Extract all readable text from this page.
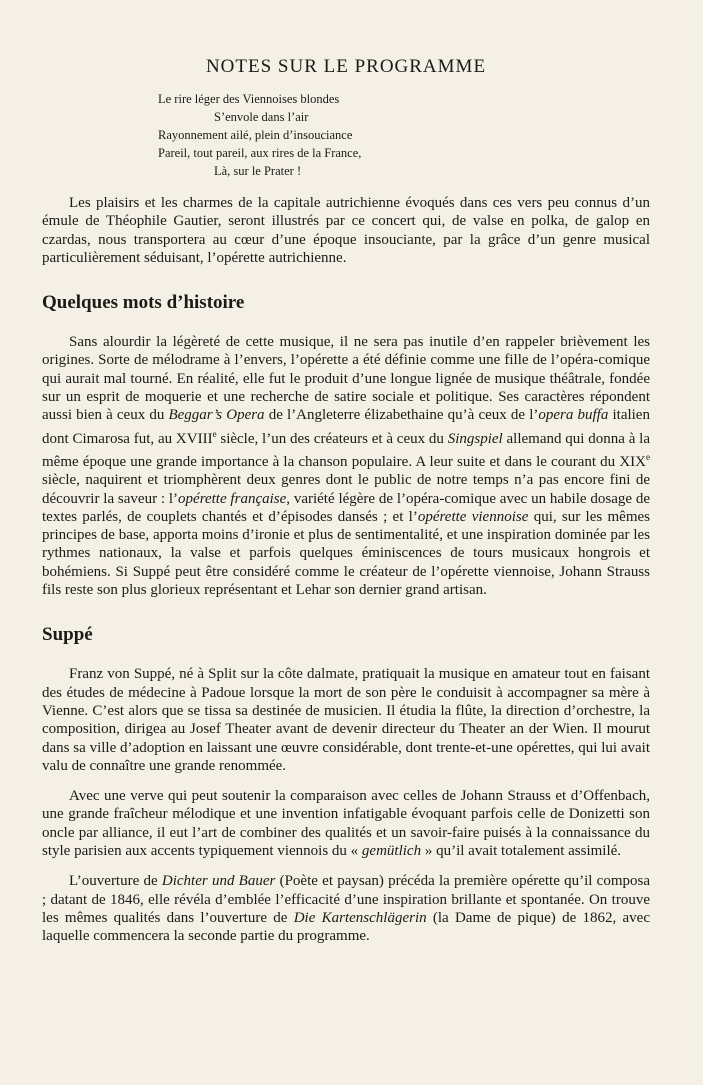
NOTES SUR LE PROGRAMME
Le rire léger des Viennoises blondes
S’envole dans l’air
Rayonnement ailé, plein d’insouciance
Pareil, tout pareil, aux rires de la France,
Là, sur le Prater !

Les plaisirs et les charmes de la capitale autrichienne évoqués dans ces vers peu connus d’un émule de Théophile Gautier, seront illustrés par ce concert qui, de valse en polka, de galop en czardas, nous transportera au cœur d’une époque insouciante, par la grâce d’un genre musical particulièrement séduisant, l’opérette autrichienne.

Quelques mots d’histoire

Sans alourdir la légèreté de cette musique, il ne sera pas inutile d’en rappeler brièvement les origines. Sorte de mélodrame à l’envers, l’opérette a été définie comme une fille de l’opéra-comique qui aurait mal tourné. En réalité, elle fut le produit d’une longue lignée de musique théâtrale, fondée sur un esprit de moquerie et une recherche de satire sociale et politique. Ses caractères répondent aussi bien à ceux du Beggar’s Opera de l’Angleterre élizabethaine qu’à ceux de l’opera buffa italien dont Cimarosa fut, au XVIIIe siècle, l’un des créateurs et à ceux du Singspiel allemand qui donna à la même époque une grande importance à la chanson populaire. A leur suite et dans le courant du XIXe siècle, naquirent et triomphèrent deux genres dont le public de notre temps n’a pas encore fini de découvrir la saveur : l’opérette française, variété légère de l’opéra-comique avec un habile dosage de textes parlés, de couplets chantés et d’épisodes dansés ; et l’opérette viennoise qui, sur les mêmes principes de base, apporta moins d’ironie et plus de sentimentalité, et une inspiration dominée par les rythmes nationaux, la valse et parfois quelques éminiscences de tours musicaux hongrois et bohémiens. Si Suppé peut être considéré comme le créateur de l’opérette viennoise, Johann Strauss fils reste son plus glorieux représentant et Lehar son dernier grand artisan.

Suppé

Franz von Suppé, né à Split sur la côte dalmate, pratiquait la musique en amateur tout en faisant des études de médecine à Padoue lorsque la mort de son père le conduisit à accompagner sa mère à Vienne. C’est alors que se tissa sa destinée de musicien. Il étudia la flûte, la direction d’orchestre, la composition, dirigea au Josef Theater avant de devenir directeur du Theater an der Wien. Il mourut dans sa ville d’adoption en laissant une œuvre considérable, dont trente-et-une opérettes, qui lui avait valu de connaître une grande renommée.

Avec une verve qui peut soutenir la comparaison avec celles de Johann Strauss et d’Offenbach, une grande fraîcheur mélodique et une invention infatigable évoquant parfois celle de Donizetti son oncle par alliance, il eut l’art de combiner des qualités et un savoir-faire puisés à la connaissance du style parisien aux accents typiquement viennois du « gemütlich » qu’il avait totalement assimilé.

L’ouverture de Dichter und Bauer (Poète et paysan) précéda la première opérette qu’il composa ; datant de 1846, elle révéla d’emblée l’efficacité d’une inspiration brillante et spontanée. On trouve les mêmes qualités dans l’ouverture de Die Kartenschlägerin (la Dame de pique) de 1862, avec laquelle commencera la seconde partie du programme.
